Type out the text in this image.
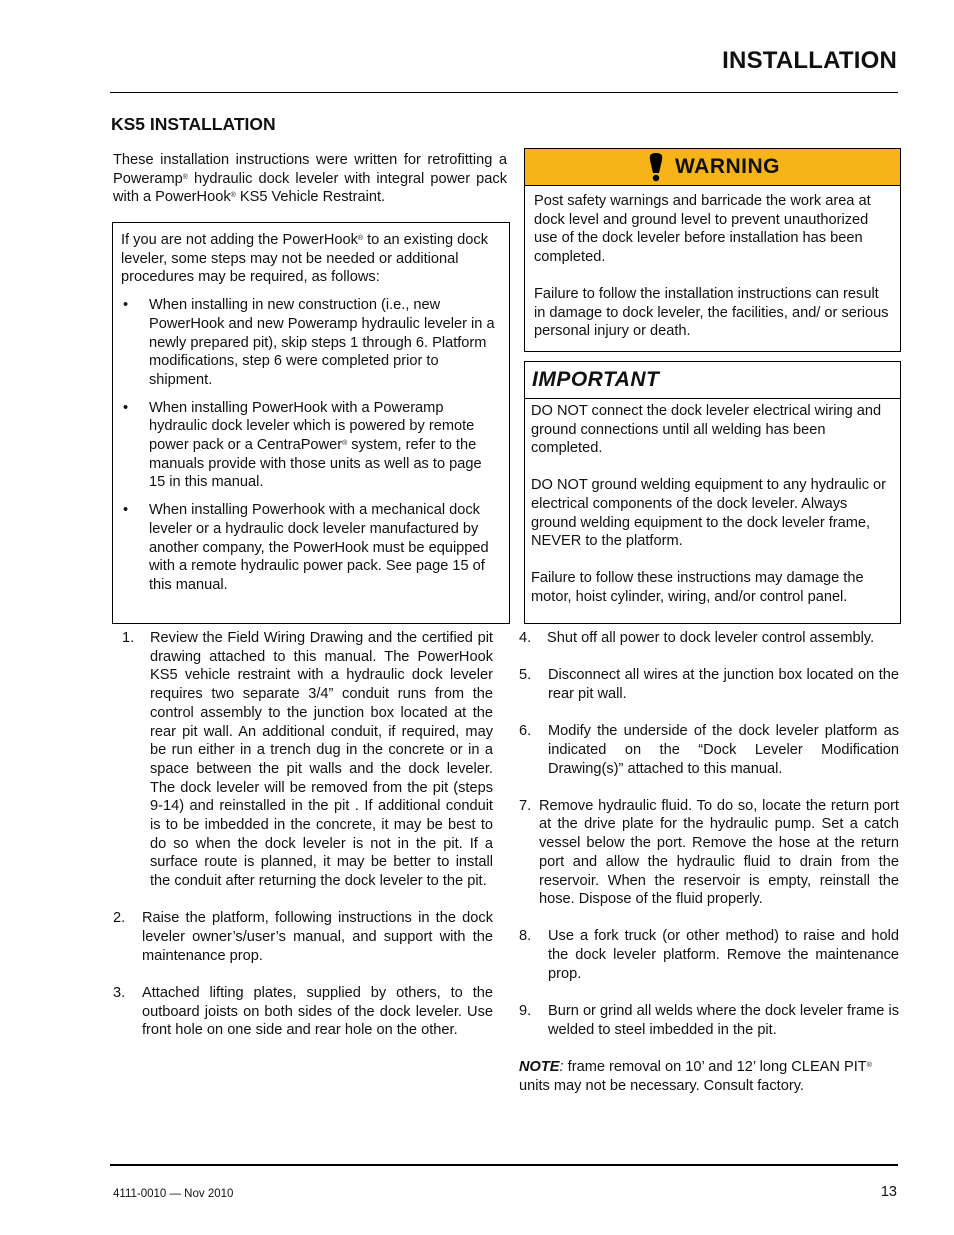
INSTALLATION
KS5 INSTALLATION
These installation instructions were written for retrofitting a Poweramp® hydraulic dock leveler with integral power pack with a PowerHook® KS5 Vehicle Restraint.

If you are not adding the PowerHook® to an existing dock leveler, some steps may not be needed or additional procedures may be required, as follows:

• When installing in new construction (i.e., new PowerHook and new Poweramp hydraulic leveler in a newly prepared pit), skip steps 1 through 6. Platform modifications, step 6 were completed prior to shipment.
• When installing PowerHook with a Poweramp hydraulic dock leveler which is powered by remote power pack or a CentraPower® system, refer to the manuals provide with those units as well as to page 15 in this manual.
• When installing Powerhook with a mechanical dock leveler or a hydraulic dock leveler manufactured by another company, the PowerHook must be equipped with a remote hydraulic power pack. See page 15 of this manual.
WARNING

Post safety warnings and barricade the work area at dock level and ground level to prevent unauthorized use of the dock leveler before installation has been completed.

Failure to follow the installation instructions can result in damage to dock leveler, the facilities, and/ or serious personal injury or death.

IMPORTANT

DO NOT connect the dock leveler electrical wiring and ground connections until all welding has been completed.

DO NOT ground welding equipment to any hydraulic or electrical components of the dock leveler. Always ground welding equipment to the dock leveler frame, NEVER to the platform.

Failure to follow these instructions may damage the motor, hoist cylinder, wiring, and/or control panel.

1. Review the Field Wiring Drawing and the certified pit drawing attached to this manual. The PowerHook KS5 vehicle restraint with a hydraulic dock leveler requires two separate 3/4” conduit runs from the control assembly to the junction box located at the rear pit wall. An additional conduit, if required, may be run either in a trench dug in the concrete or in a space between the pit walls and the dock leveler. The dock leveler will be removed from the pit (steps 9-14) and reinstalled in the pit . If additional conduit is to be imbedded in the concrete, it may be best to do so when the dock leveler is not in the pit. If a surface route is planned, it may be better to install the conduit after returning the dock leveler to the pit.
2. Raise the platform, following instructions in the dock leveler owner’s/user’s manual, and support with the maintenance prop.
3. Attached lifting plates, supplied by others, to the outboard joists on both sides of the dock leveler. Use front hole on one side and rear hole on the other.
4. Shut off all power to dock leveler control assembly.
5. Disconnect all wires at the junction box located on the rear pit wall.
6. Modify the underside of the dock leveler platform as indicated on the “Dock Leveler Modification Drawing(s)” attached to this manual.
7. Remove hydraulic fluid. To do so, locate the return port at the drive plate for the hydraulic pump. Set a catch vessel below the port. Remove the hose at the return port and allow the hydraulic fluid to drain from the reservoir. When the reservoir is empty, reinstall the hose. Dispose of the fluid properly.
8. Use a fork truck (or other method) to raise and hold the dock leveler platform. Remove the maintenance prop.
9. Burn or grind all welds where the dock leveler frame is welded to steel imbedded in the pit.
NOTE: frame removal on 10’ and 12’ long CLEAN PIT®
units may not be necessary. Consult factory.
4111-0010 — Nov 2010	13
